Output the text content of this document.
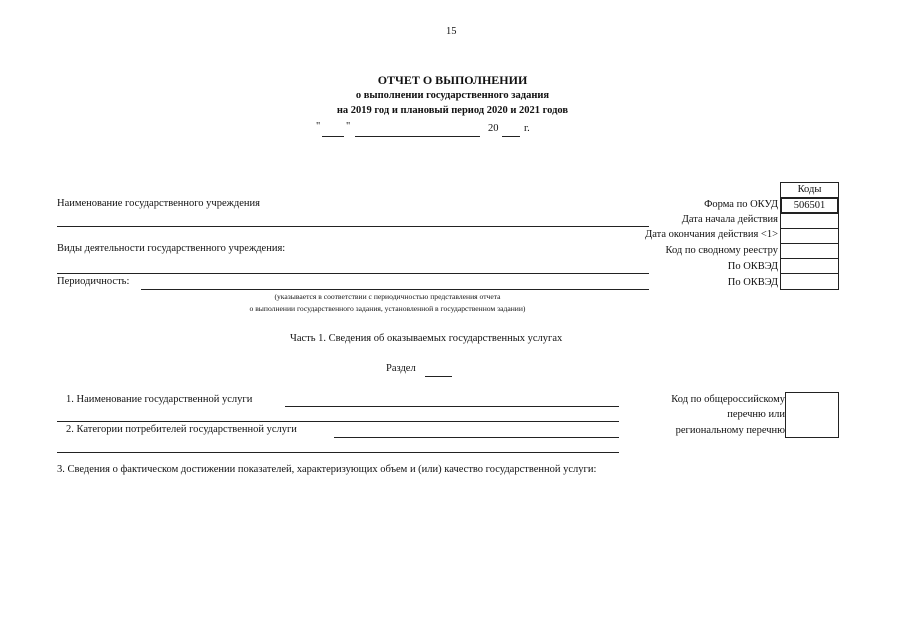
15
ОТЧЕТ О ВЫПОЛНЕНИИ
о выполнении государственного задания
на 2019 год и плановый период 2020 и 2021 годов
" "	20 г.
Коды
506501
Форма по ОКУД
Дата начала действия
Дата окончания действия <1>
Код по сводному реестру
По ОКВЭД
По ОКВЭД
Наименование государственного учреждения
Виды деятельности государственного учреждения:
Периодичность:
(указывается в соответствии с периодичностью представления отчета
о выполнении государственного задания, установленной в государственном задании)
Часть 1. Сведения об оказываемых государственных услугах
Раздел
1. Наименование государственной услуги
2. Категории потребителей государственной услуги
Код по общероссийскому
перечню или
региональному перечню
3. Сведения о фактическом достижении показателей, характеризующих объем и (или) качество государственной услуги:
